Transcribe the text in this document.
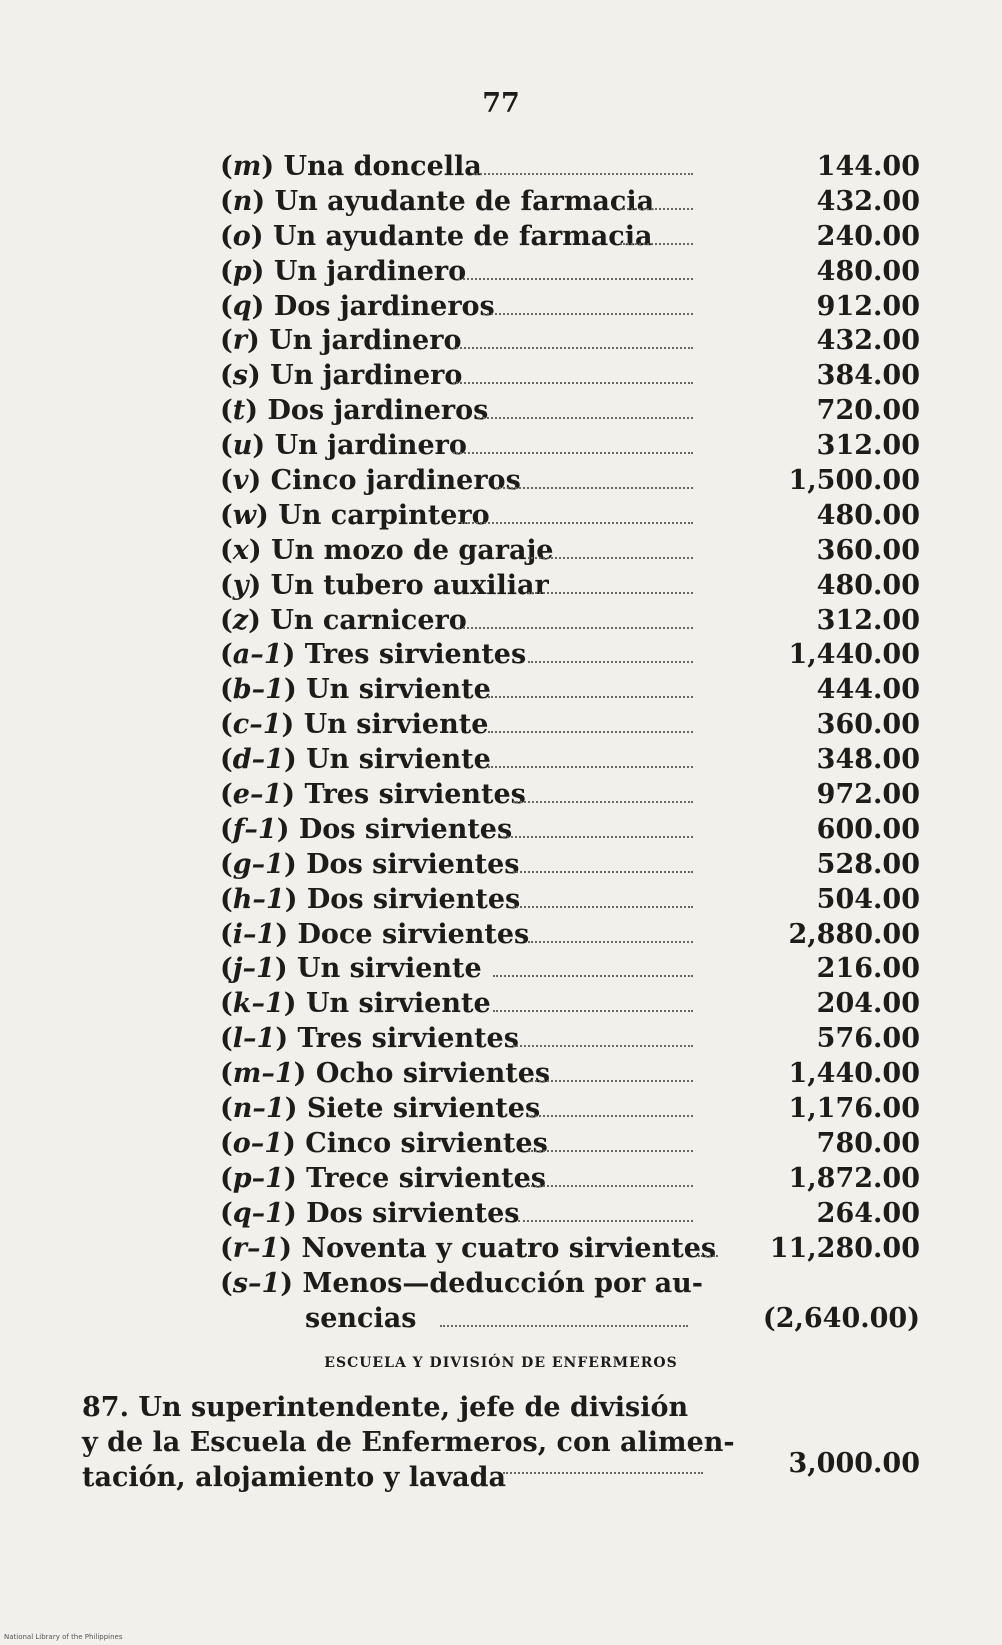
77
(m) Una doncella	144.00
(n) Un ayudante de farmacia	432.00
(o) Un ayudante de farmacia	240.00
(p) Un jardinero	480.00
(q) Dos jardineros	912.00
(r) Un jardinero	432.00
(s) Un jardinero	384.00
(t) Dos jardineros	720.00
(u) Un jardinero	312.00
(v) Cinco jardineros	1,500.00
(w) Un carpintero	480.00
(x) Un mozo de garaje	360.00
(y) Un tubero auxiliar	480.00
(z) Un carnicero	312.00
(a–1) Tres sirvientes	1,440.00
(b–1) Un sirviente	444.00
(c–1) Un sirviente	360.00
(d–1) Un sirviente	348.00
(e–1) Tres sirvientes	972.00
(f–1) Dos sirvientes	600.00
(g–1) Dos sirvientes	528.00
(h–1) Dos sirvientes	504.00
(i–1) Doce sirvientes	2,880.00
(j–1) Un sirviente	216.00
(k–1) Un sirviente	204.00
(l–1) Tres sirvientes	576.00
(m–1) Ocho sirvientes	1,440.00
(n–1) Siete sirvientes	1,176.00
(o–1) Cinco sirvientes	780.00
(p–1) Trece sirvientes	1,872.00
(q–1) Dos sirvientes	264.00
(r–1) Noventa y cuatro sirvientes 11,280.00
(s–1) Menos—deducción por au-
sencias	(2,640.00)
ESCUELA Y DIVISIÓN DE ENFERMEROS
87. Un superintendente, jefe de división
y de la Escuela de Enfermeros, con alimen-
tación, alojamiento y lavada	3,000.00
National Library of the Philippines
